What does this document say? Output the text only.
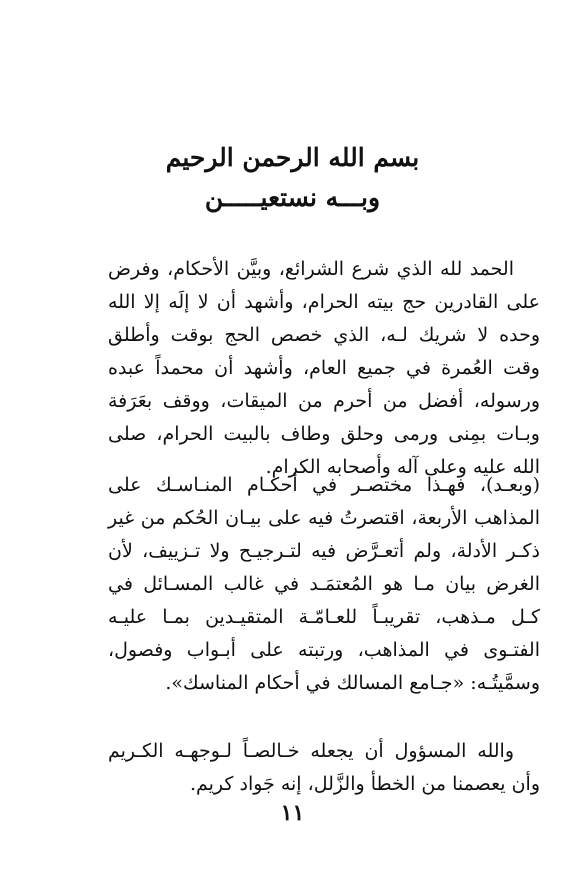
بسم الله الرحمن الرحيم
وبـــه نستعيـــــن

الحمد لله الذي شرع الشرائع، وبيَّن الأحكام، وفرض على القادرين حج بيته الحرام، وأشهد أن لا إلَه إلا الله وحده لا شريك لـه، الذي خصص الحج بوقت وأطلق وقت العُمرة في جميع العام، وأشهد أن محمداً عبده ورسوله، أفضل من أحرم من الميقات، ووقف بعَرَفة وبـات بمِنى ورمى وحلق وطاف بالبيت الحرام، صلى الله عليه وعلى آله وأصحابه الكرام.

(وبعـد)، فهـذا مختصـر في أحكـام المنـاسـك على المذاهب الأربعة، اقتصرتُ فيه على بيـان الحُكم من غير ذكـر الأدلة، ولم أتعـرَّض فيه لتـرجيـح ولا تـزييف، لأن الغرض بيان مـا هو المُعتمَـد في غالب المسـائل في كـل مـذهب، تقريبـاً للعـامّـة المتقيـدين بمـا عليـه الفتـوى في المذاهب، ورتبته على أبـواب وفصول، وسمَّيتُـه: «جـامع المسالك في أحكام المناسك».

والله المسؤول أن يجعله خـالصـاً لـوجهـه الكـريم وأن يعصمنا من الخطأ والزَّلل، إنه جَواد كريم.

١١
